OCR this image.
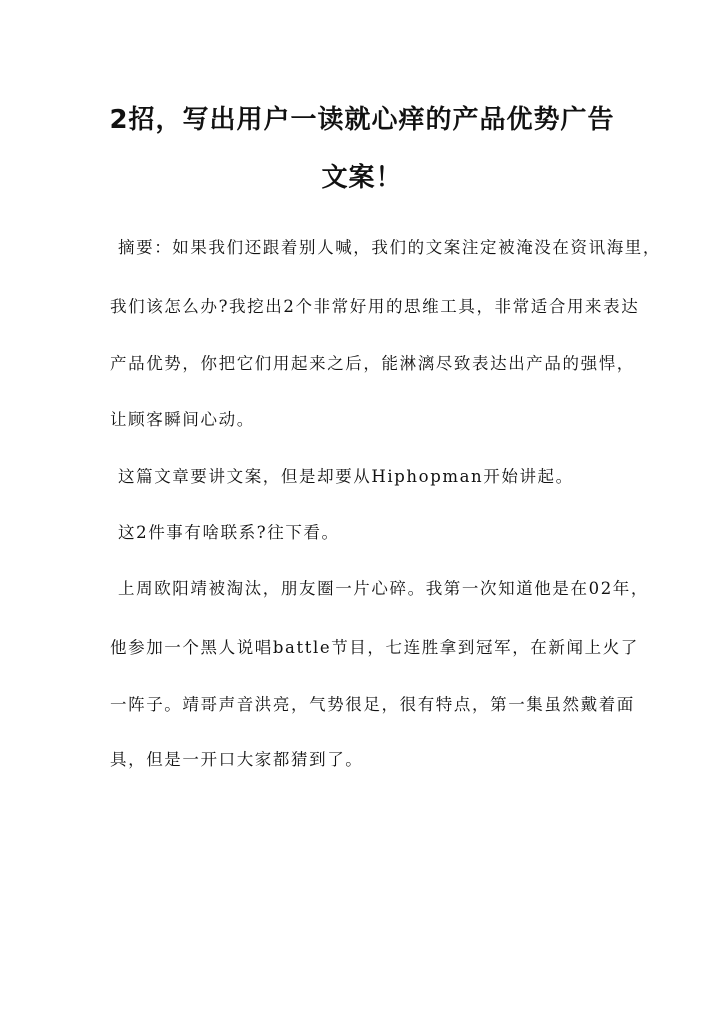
2招，写出用户一读就心痒的产品优势广告
文案！
摘要：如果我们还跟着别人喊，我们的文案注定被淹没在资讯海里，
我们该怎么办?我挖出2个非常好用的思维工具，非常适合用来表达
产品优势，你把它们用起来之后，能淋漓尽致表达出产品的强悍，
让顾客瞬间心动。
这篇文章要讲文案，但是却要从Hiphopman开始讲起。
这2件事有啥联系?往下看。
上周欧阳靖被淘汰，朋友圈一片心碎。我第一次知道他是在02年，
他参加一个黑人说唱battle节目，七连胜拿到冠军，在新闻上火了
一阵子。靖哥声音洪亮，气势很足，很有特点，第一集虽然戴着面
具，但是一开口大家都猜到了。
